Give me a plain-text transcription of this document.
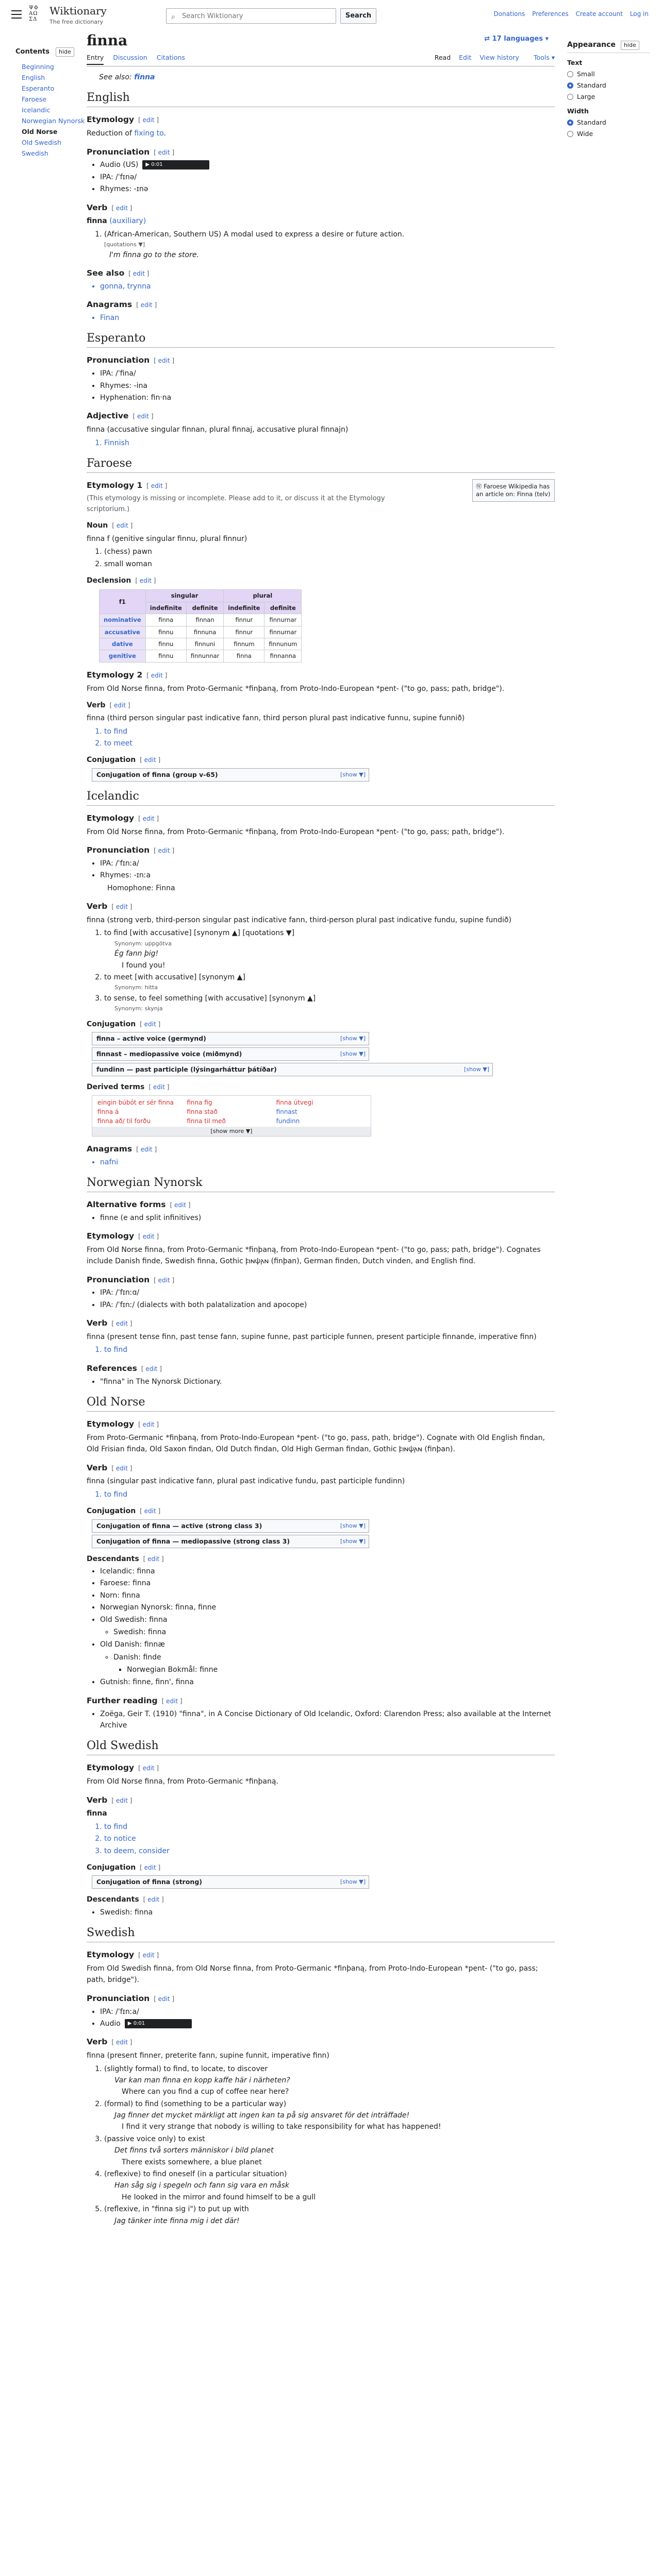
ΨΦ
ΑΩ
ΣΔ
Wiktionary
The free dictionary
Search Wiktionary
⌕	Search	Donations Preferences Create account Log in
Contents hide
Beginning
English
Esperanto
Faroese
Icelandic
Norwegian Nynorsk
Old Norse
Old Swedish
Swedish
Appearance hide
Text
Small
Standard
Large
Width
Standard
Wide
finna	⇄ 17 languages ▾
Entry Discussion Citations	Read Edit View history Tools ▾
See also: finna
English
Etymology [ edit ]

Reduction of fixing to.

Pronunciation [ edit ]
• Audio (US) ▶
0:01
• IPA: /ˈfɪnə/
• Rhymes: -ɪnə
Verb [ edit ]

finna (auxiliary)

1. (African-American, Southern US) A modal used to express a desire or future action.
[quotations ▼]
I'm finna go to the store.
See also [ edit ]
• gonna, trynna
Anagrams [ edit ]
• Finan
Esperanto
Pronunciation [ edit ]
• IPA: /ˈfina/
• Rhymes: -ina
• Hyphenation: fin‧na
Adjective [ edit ]

finna (accusative singular finnan, plural finnaj, accusative plural finnajn)

1. Finnish
Faroese
Ⓦ Faroese Wikipedia has an article on: Finna (telv)
Etymology 1 [ edit ]

(This etymology is missing or incomplete. Please add to it, or discuss it at the Etymology scriptorium.)

Noun [ edit ]

finna f (genitive singular finnu, plural finnur)

1. (chess) pawn
2. small woman
Declension [ edit ]
f1	singular		plural	
	indefinite	definite	indefinite	definite
nominative	finna	finnan	finnur	finnurnar
accusative	finnu	finnuna	finnur	finnurnar
dative	finnu	finnuni	finnum	finnunum
genitive	finnu	finnunnar	finna	finnanna
Etymology 2 [ edit ]

From Old Norse finna, from Proto-Germanic *finþaną, from Proto-Indo-European *pent- ("to go, pass; path, bridge").

Verb [ edit ]

finna (third person singular past indicative fann, third person plural past indicative funnu, supine funnið)

1. to find
2. to meet
Conjugation [ edit ]
Conjugation of finna (group v-65)	[show ▼]
Icelandic
Etymology [ edit ]

From Old Norse finna, from Proto-Germanic *finþaną, from Proto-Indo-European *pent- ("to go, pass; path, bridge").

Pronunciation [ edit ]
• IPA: /ˈfɪnːa/
• Rhymes: -ɪnːa
Homophone: Finna
Verb [ edit ]

finna (strong verb, third-person singular past indicative fann, third-person plural past indicative fundu, supine fundið)

1. to find [with accusative] [synonym ▲] [quotations ▼]
Synonym: uppgötva
Ég fann þig!
I found you!
2. to meet [with accusative] [synonym ▲]
Synonym: hitta
3. to sense, to feel something [with accusative] [synonym ▲]
Synonym: skynja
Conjugation [ edit ]
finna – active voice (germynd)	[show ▼]
finnast – mediopassive voice (miðmynd)	[show ▼]
fundinn — past participle (lýsingarháttur þátíðar)	[show ▼]
Derived terms [ edit ]
eingin búbót er sér finna	finna fig	finna útvegi
finna á	finna stað	finnast
finna að/ til forðu	finna til með	fundinn
[show more ▼]
Anagrams [ edit ]
• nafni
Norwegian Nynorsk
Alternative forms [ edit ]
• finne (e and split infinitives)
Etymology [ edit ]

From Old Norse finna, from Proto-Germanic *finþaną, from Proto-Indo-European *pent- ("to go, pass; path, bridge"). Cognates include Danish finde, Swedish finna, Gothic 𐍆𐌹𐌽𐌸𐌰𐌽 (finþan), German finden, Dutch vinden, and English find.

Pronunciation [ edit ]
• IPA: /ˈfɪnːɑ/
• IPA: /ˈfɪnː/ (dialects with both palatalization and apocope)
Verb [ edit ]

finna (present tense finn, past tense fann, supine funne, past participle funnen, present participle finnande, imperative finn)

1. to find
References [ edit ]
• "finna" in The Nynorsk Dictionary.
Old Norse
Etymology [ edit ]

From Proto-Germanic *finþaną, from Proto-Indo-European *pent- ("to go, pass, path, bridge"). Cognate with Old English findan, Old Frisian finda, Old Saxon findan, Old Dutch findan, Old High German findan, Gothic 𐍆𐌹𐌽𐌸𐌰𐌽 (finþan).

Verb [ edit ]

finna (singular past indicative fann, plural past indicative fundu, past participle fundinn)

1. to find
Conjugation [ edit ]
Conjugation of finna — active (strong class 3)	[show ▼]
Conjugation of finna — mediopassive (strong class 3)	[show ▼]
Descendants [ edit ]
• Icelandic: finna
• Faroese: finna
• Norn: finna
• Norwegian Nynorsk: finna, finne
• Old Swedish: finna
◦ Swedish: finna
• Old Danish: finnæ
◦ Danish: finde
▪ Norwegian Bokmål: finne
• Gutnish: finne, finn', finna
Further reading [ edit ]
• Zoëga, Geir T. (1910) "finna", in A Concise Dictionary of Old Icelandic, Oxford: Clarendon Press; also available at the Internet Archive
Old Swedish
Etymology [ edit ]

From Old Norse finna, from Proto-Germanic *finþaną.

Verb [ edit ]

finna

1. to find
2. to notice
3. to deem, consider
Conjugation [ edit ]
Conjugation of finna (strong)	[show ▼]
Descendants [ edit ]
• Swedish: finna
Swedish
Etymology [ edit ]

From Old Swedish finna, from Old Norse finna, from Proto-Germanic *finþaną, from Proto-Indo-European *pent- ("to go, pass; path, bridge").

Pronunciation [ edit ]
• IPA: /ˈfɪnːa/
• Audio ▶
0:01
Verb [ edit ]

finna (present finner, preterite fann, supine funnit, imperative finn)

1. (slightly formal) to find, to locate, to discover
Var kan man finna en kopp kaffe här i närheten?
Where can you find a cup of coffee near here?
2. (formal) to find (something to be a particular way)
Jag finner det mycket märkligt att ingen kan ta på sig ansvaret för det inträffade!
I find it very strange that nobody is willing to take responsibility for what has happened!
3. (passive voice only) to exist
Det finns två sorters människor i bild planet
There exists somewhere, a blue planet
4. (reflexive) to find oneself (in a particular situation)
Han såg sig i spegeln och fann sig vara en måsk
He looked in the mirror and found himself to be a gull
5. (reflexive, in "finna sig i") to put up with
Jag tänker inte finna mig i det där!
